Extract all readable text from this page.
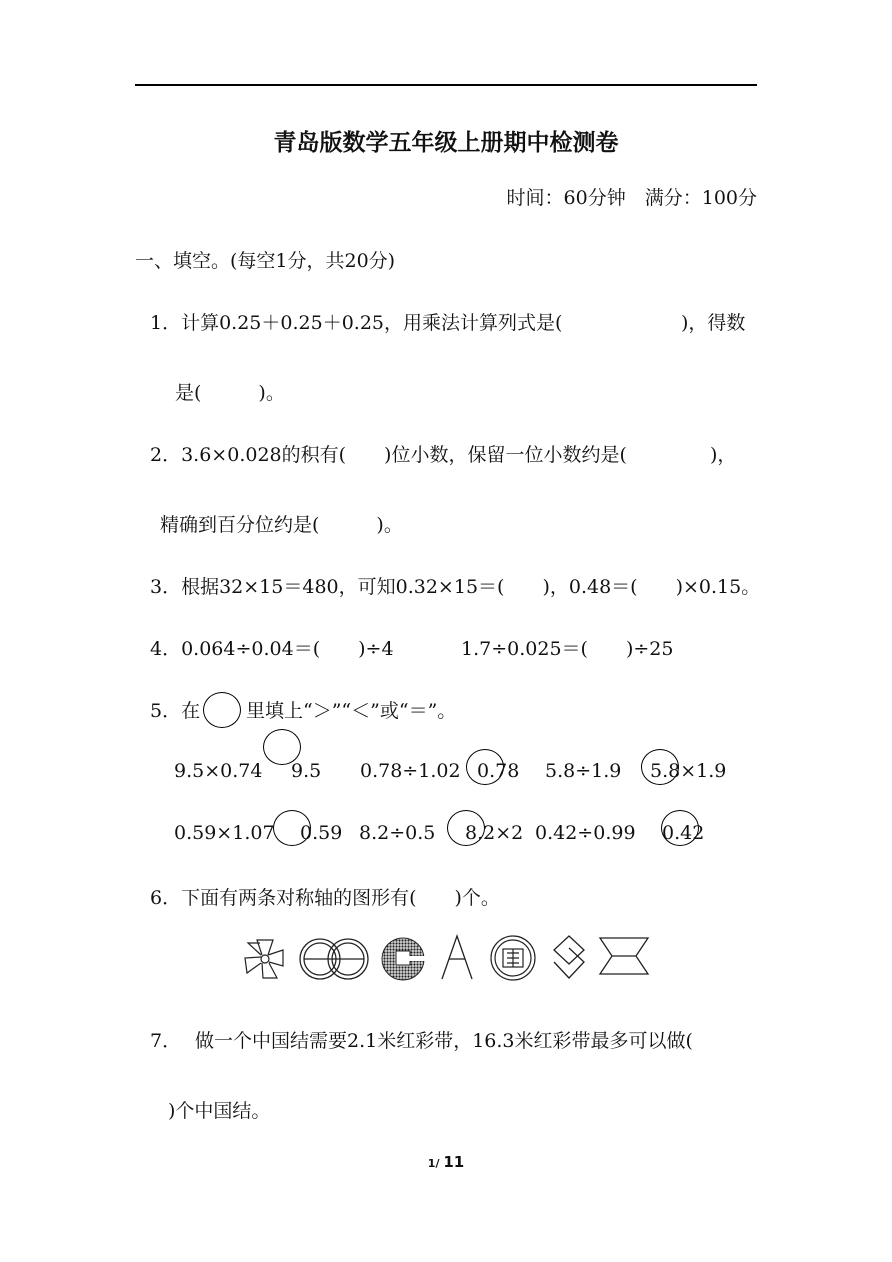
青岛版数学五年级上册期中检测卷
时间：60分钟　满分：100分
一、填空。(每空1分，共20分)
1．计算0.25＋0.25＋0.25，用乘法计算列式是(	)，得数
是(　　　)。
2．3.6×0.028的积有(　　)位小数，保留一位小数约是(	)，
精确到百分位约是(　　　)。
3．根据32×15＝480，可知0.32×15＝(　　)，0.48＝(　　)×0.15。
4．0.064÷0.04＝(　　)÷4	1.7÷0.025＝(　　)÷25
5．在 里填上“＞”“＜”或“＝”。
9.5×0.74 9.5 0.78÷1.02 0.78 5.8÷1.9 5.8×1.9
0.59×1.07 0.59 8.2÷0.5 8.2×2 0.42÷0.99 0.42
6．下面有两条对称轴的图形有(　　)个。
7． 做一个中国结需要2.1米红彩带，16.3米红彩带最多可以做(
)个中国结。
1/ 11
